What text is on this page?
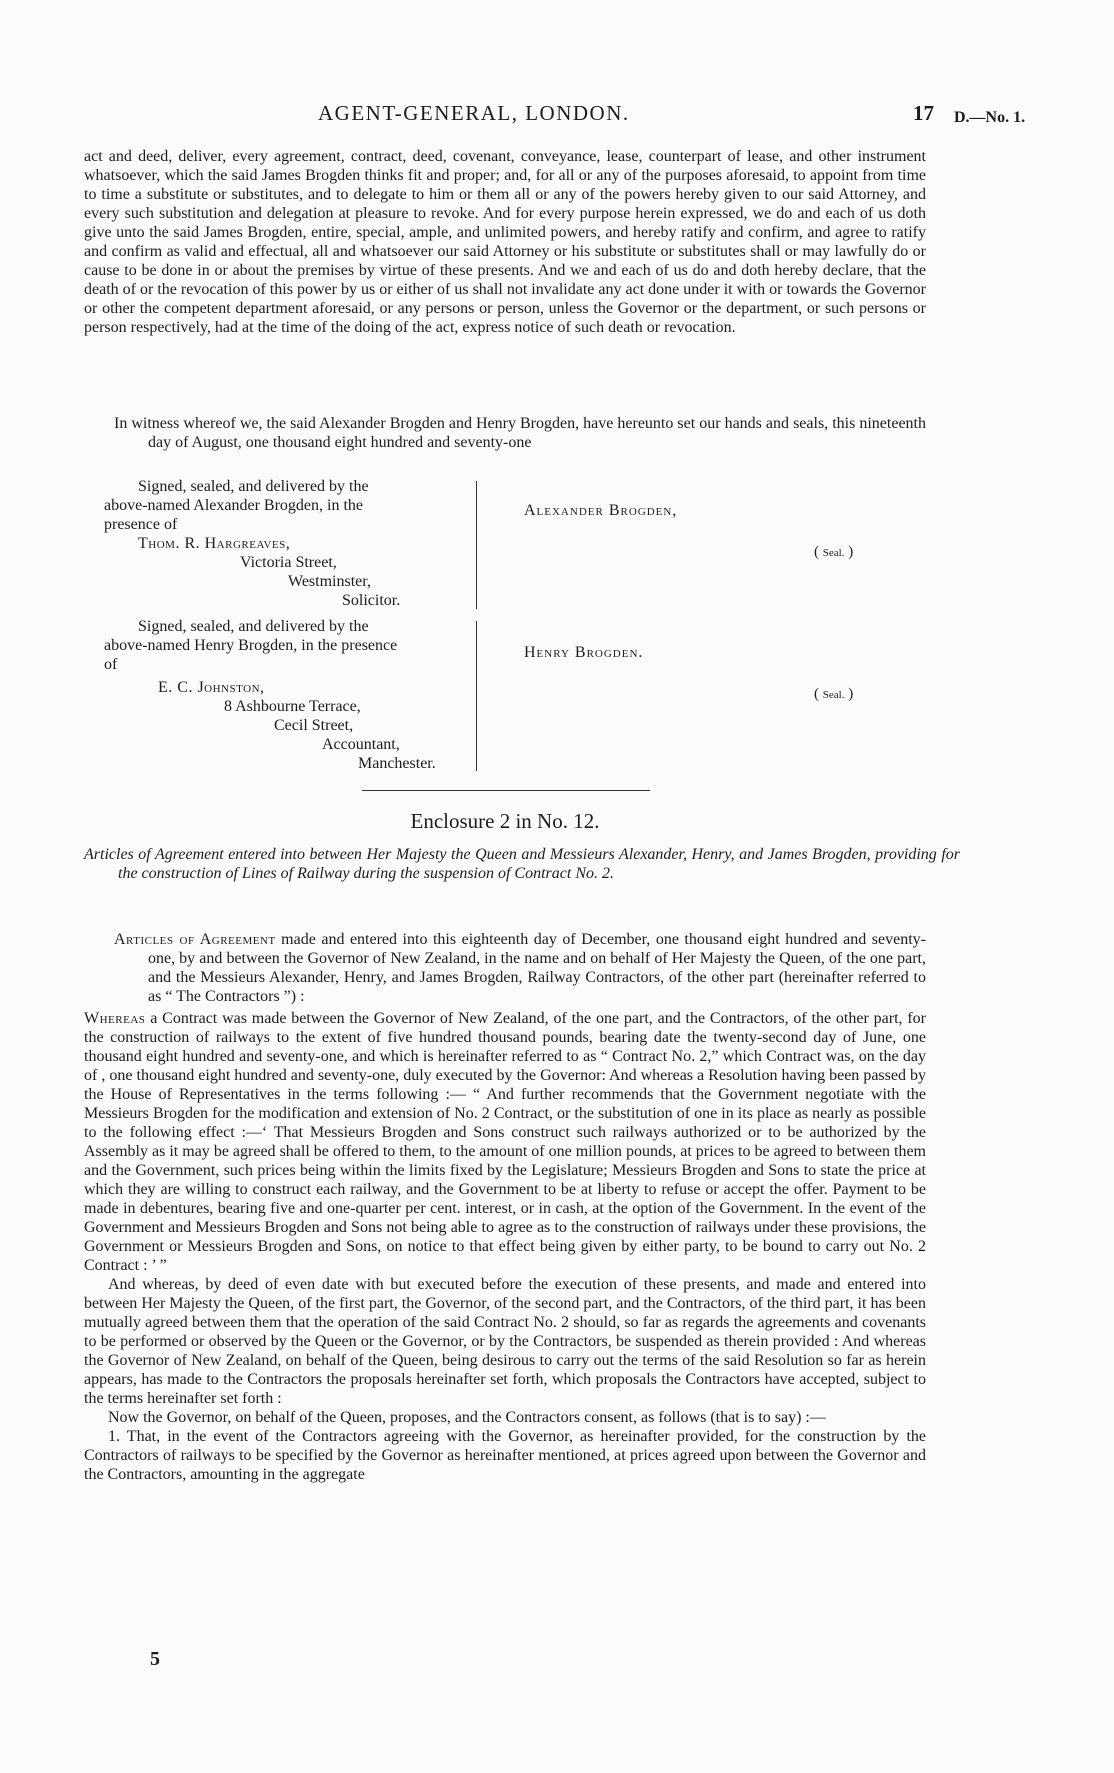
AGENT-GENERAL, LONDON.	17 D.—No. 1.

act and deed, deliver, every agreement, contract, deed, covenant, conveyance, lease, counterpart of lease, and other instrument whatsoever, which the said James Brogden thinks fit and proper; and, for all or any of the purposes aforesaid, to appoint from time to time a substitute or substitutes, and to delegate to him or them all or any of the powers hereby given to our said Attorney, and every such substitution and delegation at pleasure to revoke. And for every purpose herein expressed, we do and each of us doth give unto the said James Brogden, entire, special, ample, and unlimited powers, and hereby ratify and confirm, and agree to ratify and confirm as valid and effectual, all and whatsoever our said Attorney or his substitute or substitutes shall or may lawfully do or cause to be done in or about the premises by virtue of these presents. And we and each of us do and doth hereby declare, that the death of or the revocation of this power by us or either of us shall not invalidate any act done under it with or towards the Governor or other the competent department aforesaid, or any persons or person, unless the Governor or the department, or such persons or person respectively, had at the time of the doing of the act, express notice of such death or revocation.

In witness whereof we, the said Alexander Brogden and Henry Brogden, have hereunto set our hands and seals, this nineteenth day of August, one thousand eight hundred and seventy-one

Signed, sealed, and delivered by the
above-named Alexander Brogden, in the
presence of
Thom. R. Hargreaves,
Victoria Street,
Westminster,
Solicitor.
Alexander Brogden,
( Seal. )
Signed, sealed, and delivered by the
above-named Henry Brogden, in the presence
of
E. C. Johnston,
8 Ashbourne Terrace,
Cecil Street,
Accountant,
Manchester.
Henry Brogden.
( Seal. )
Enclosure 2 in No. 12.

Articles of Agreement entered into between Her Majesty the Queen and Messieurs Alexander, Henry, and James Brogden, providing for the construction of Lines of Railway during the suspension of Contract No. 2.

Articles of Agreement made and entered into this eighteenth day of December, one thousand eight hundred and seventy-one, by and between the Governor of New Zealand, in the name and on behalf of Her Majesty the Queen, of the one part, and the Messieurs Alexander, Henry, and James Brogden, Railway Contractors, of the other part (hereinafter referred to as “ The Contractors ”) :

Whereas a Contract was made between the Governor of New Zealand, of the one part, and the Contractors, of the other part, for the construction of railways to the extent of five hundred thousand pounds, bearing date the twenty-second day of June, one thousand eight hundred and seventy-one, and which is hereinafter referred to as “ Contract No. 2,” which Contract was, on the day of , one thousand eight hundred and seventy-one, duly executed by the Governor: And whereas a Resolution having been passed by the House of Representatives in the terms following :— “ And further recommends that the Government negotiate with the Messieurs Brogden for the modification and extension of No. 2 Contract, or the substitution of one in its place as nearly as possible to the following effect :—‘ That Messieurs Brogden and Sons construct such railways authorized or to be authorized by the Assembly as it may be agreed shall be offered to them, to the amount of one million pounds, at prices to be agreed to between them and the Government, such prices being within the limits fixed by the Legislature; Messieurs Brogden and Sons to state the price at which they are willing to construct each railway, and the Government to be at liberty to refuse or accept the offer. Payment to be made in debentures, bearing five and one-quarter per cent. interest, or in cash, at the option of the Government. In the event of the Government and Messieurs Brogden and Sons not being able to agree as to the construction of railways under these provisions, the Government or Messieurs Brogden and Sons, on notice to that effect being given by either party, to be bound to carry out No. 2 Contract : ’ ”

And whereas, by deed of even date with but executed before the execution of these presents, and made and entered into between Her Majesty the Queen, of the first part, the Governor, of the second part, and the Contractors, of the third part, it has been mutually agreed between them that the operation of the said Contract No. 2 should, so far as regards the agreements and covenants to be performed or observed by the Queen or the Governor, or by the Contractors, be suspended as therein provided : And whereas the Governor of New Zealand, on behalf of the Queen, being desirous to carry out the terms of the said Resolution so far as herein appears, has made to the Contractors the proposals hereinafter set forth, which proposals the Contractors have accepted, subject to the terms hereinafter set forth :

Now the Governor, on behalf of the Queen, proposes, and the Contractors consent, as follows (that is to say) :—

1. That, in the event of the Contractors agreeing with the Governor, as hereinafter provided, for the construction by the Contractors of railways to be specified by the Governor as hereinafter mentioned, at prices agreed upon between the Governor and the Contractors, amounting in the aggregate

5
